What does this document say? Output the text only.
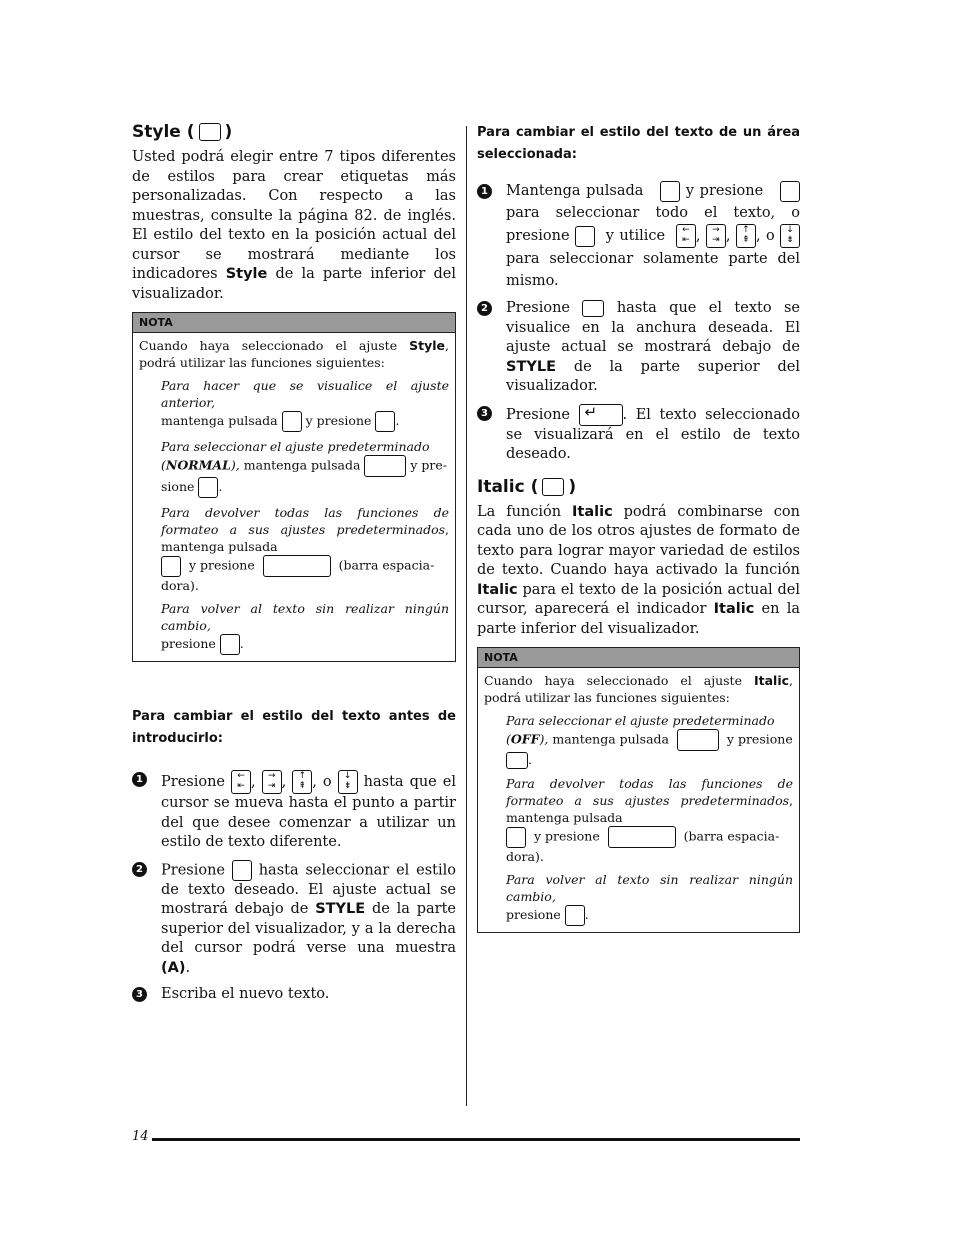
Style ( )

Usted podrá elegir entre 7 tipos diferentes de estilos para crear etiquetas más personalizadas. Con respecto a las muestras, consulte la página 82. de inglés. El estilo del texto en la posición actual del cursor se mostrará mediante los indicadores Style de la parte inferior del visualizador.

NOTA
Cuando haya seleccionado el ajuste Style, podrá utilizar las funciones siguientes:
Para hacer que se visualice el ajuste anterior,
mantenga pulsada y presione .
Para seleccionar el ajuste predeterminado
(NORMAL), mantenga pulsada	y pre-
sione .
Para devolver todas las funciones de formateo a sus ajustes predeterminados, mantenga pulsada
y presione	(barra espacia-
dora).
Para volver al texto sin realizar ningún cambio,
presione .

Para cambiar el estilo del texto antes de introducirlo:

1 Presione ←
⇤ , →
⇥ , ↑
⇞ , o ↓
⇟ hasta que el cursor se mueva hasta el punto a partir del que desee comenzar a utilizar un estilo de texto diferente.
2 Presione hasta seleccionar el estilo de texto deseado. El ajuste actual se mostrará debajo de STYLE de la parte superior del visualizador, y a la derecha del cursor podrá verse una muestra (A).
3 Escriba el nuevo texto.

Para cambiar el estilo del texto de un área seleccionada:

1 Mantenga pulsada	y presione    para seleccionar todo el texto, o presione y utilice ←
⇤ , →
⇥ , ↑
⇞ , o ↓
⇟ para seleccionar solamente parte del mismo.
2 Presione	hasta que el texto se visualice en la anchura deseada. El ajuste actual se mostrará debajo de STYLE de la parte superior del visualizador.
3 Presione ↵ . El texto seleccionado se visualizará en el estilo de texto deseado.
Italic ( )

La función Italic podrá combinarse con cada uno de los otros ajustes de formato de texto para lograr mayor variedad de estilos de texto. Cuando haya activado la función Italic para el texto de la posición actual del cursor, aparecerá el indicador Italic en la parte inferior del visualizador.

NOTA
Cuando haya seleccionado el ajuste Italic, podrá utilizar las funciones siguientes:
Para seleccionar el ajuste predeterminado
(OFF), mantenga pulsada	y presione
.
Para devolver todas las funciones de formateo a sus ajustes predeterminados, mantenga pulsada
y presione	(barra espacia-
dora).
Para volver al texto sin realizar ningún cambio,
presione .
14
